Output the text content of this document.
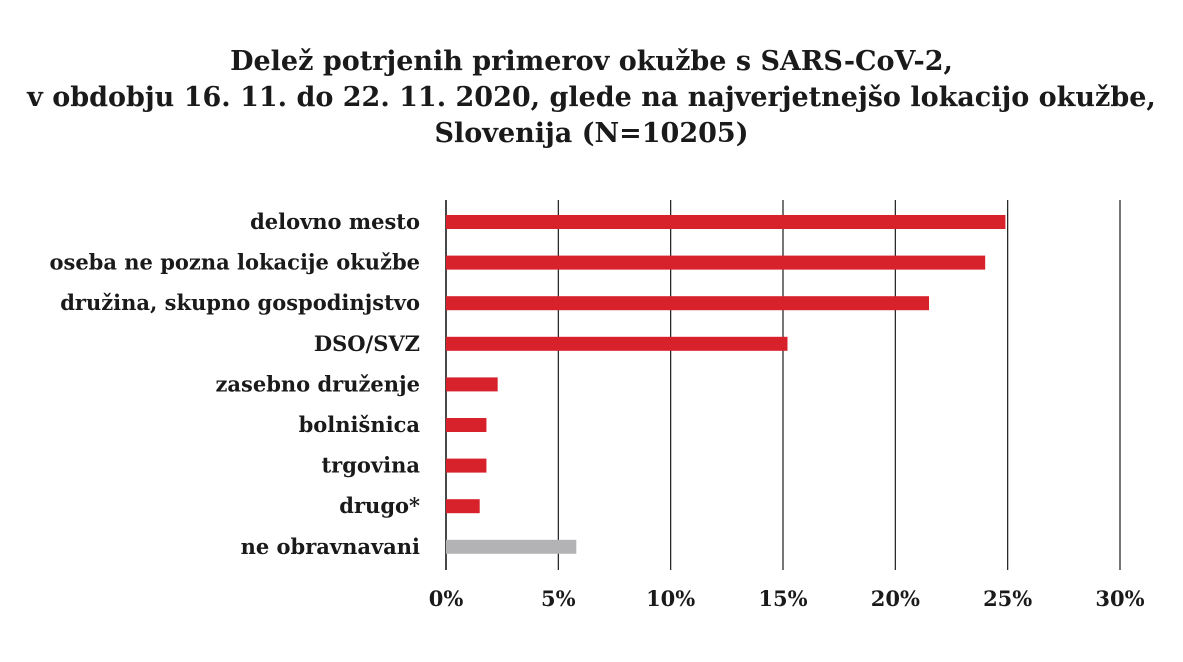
Delež potrjenih primerov okužbe s SARS-CoV-2,
v obdobju 16. 11. do 22. 11. 2020, glede na najverjetnejšo lokacijo okužbe,
Slovenija (N=10205)
delovno mesto
oseba ne pozna lokacije okužbe
družina, skupno gospodinjstvo
DSO/SVZ
zasebno druženje
bolnišnica
trgovina
drugo*
ne obravnavani
0%	5%	10%	15%	20%	25%	30%
